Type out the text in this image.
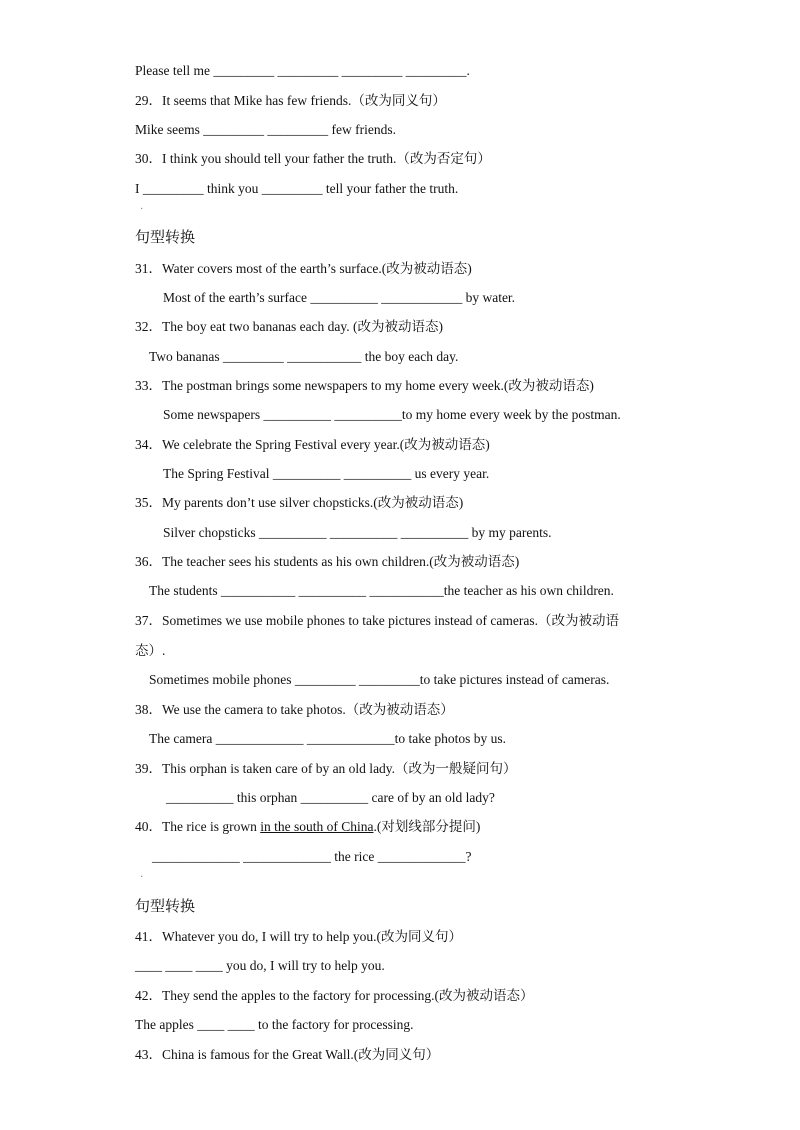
Please tell me _________ _________ _________ _________.
29．It seems that Mike has few friends.（改为同义句）
Mike seems _________ _________ few friends.
30．I think you should tell your father the truth.（改为否定句）
I _________ think you _________ tell your father the truth.
句型转换
31．Water covers most of the earth’s surface.(改为被动语态)
Most of the earth’s surface __________ ____________ by water.
32．The boy eat two bananas each day. (改为被动语态)
Two bananas _________ ___________ the boy each day.
33．The postman brings some newspapers to my home every week.(改为被动语态)
Some newspapers __________ __________to my home every week by the postman.
34．We celebrate the Spring Festival every year.(改为被动语态)
The Spring Festival __________ __________ us every year.
35．My parents don’t use silver chopsticks.(改为被动语态)
Silver chopsticks __________ __________ __________ by my parents.
36．The teacher sees his students as his own children.(改为被动语态)
The students ___________ __________ ___________the teacher as his own children.
37．Sometimes we use mobile phones to take pictures instead of cameras.（改为被动语
态）.
Sometimes mobile phones _________ _________to take pictures instead of cameras.
38．We use the camera to take photos.（改为被动语态）
The camera _____________ _____________to take photos by us.
39．This orphan is taken care of by an old lady.（改为一般疑问句）
__________ this orphan __________ care of by an old lady?
40．The rice is grown in the south of China.(对划线部分提问)
_____________ _____________ the rice _____________?
句型转换
41．Whatever you do, I will try to help you.(改为同义句）
____ ____ ____ you do, I will try to help you.
42．They send the apples to the factory for processing.(改为被动语态）
The apples ____ ____ to the factory for processing.
43．China is famous for the Great Wall.(改为同义句）
·
·
